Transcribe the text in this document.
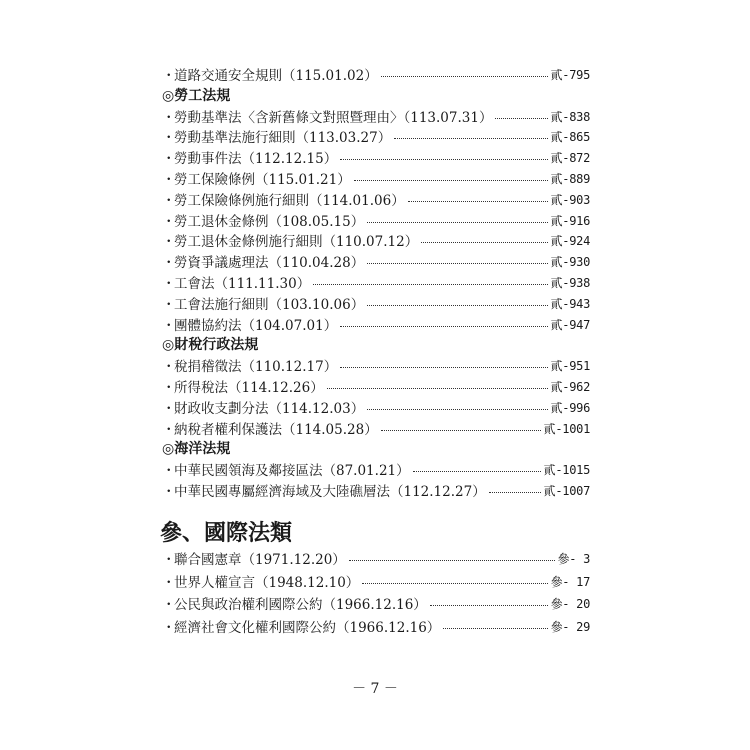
參、國際法類
－ 7 －
・
道路交通安全規則（115.01.02）	貳-795
◎勞工法規
・
勞動基準法〈含新舊條文對照暨理由〉（113.07.31）	貳-838
・
勞動基準法施行細則（113.03.27）	貳-865
・
勞動事件法（112.12.15）	貳-872
・
勞工保險條例（115.01.21）	貳-889
・
勞工保險條例施行細則（114.01.06）	貳-903
・
勞工退休金條例（108.05.15）	貳-916
・
勞工退休金條例施行細則（110.07.12）	貳-924
・
勞資爭議處理法（110.04.28）	貳-930
・
工會法（111.11.30）	貳-938
・
工會法施行細則（103.10.06）	貳-943
・
團體協約法（104.07.01）	貳-947
◎財稅行政法規
・
稅捐稽徵法（110.12.17）	貳-951
・
所得稅法（114.12.26）	貳-962
・
財政收支劃分法（114.12.03）	貳-996
・
納稅者權利保護法（114.05.28）	貳-1001
◎海洋法規
・
中華民國領海及鄰接區法（87.01.21）	貳-1015
・
中華民國專屬經濟海域及大陸礁層法（112.12.27）	貳-1007
・
聯合國憲章（1971.12.20）	參- 3
・
世界人權宣言（1948.12.10）	參- 17
・
公民與政治權利國際公約（1966.12.16）	參- 20
・
經濟社會文化權利國際公約（1966.12.16）	參- 29
